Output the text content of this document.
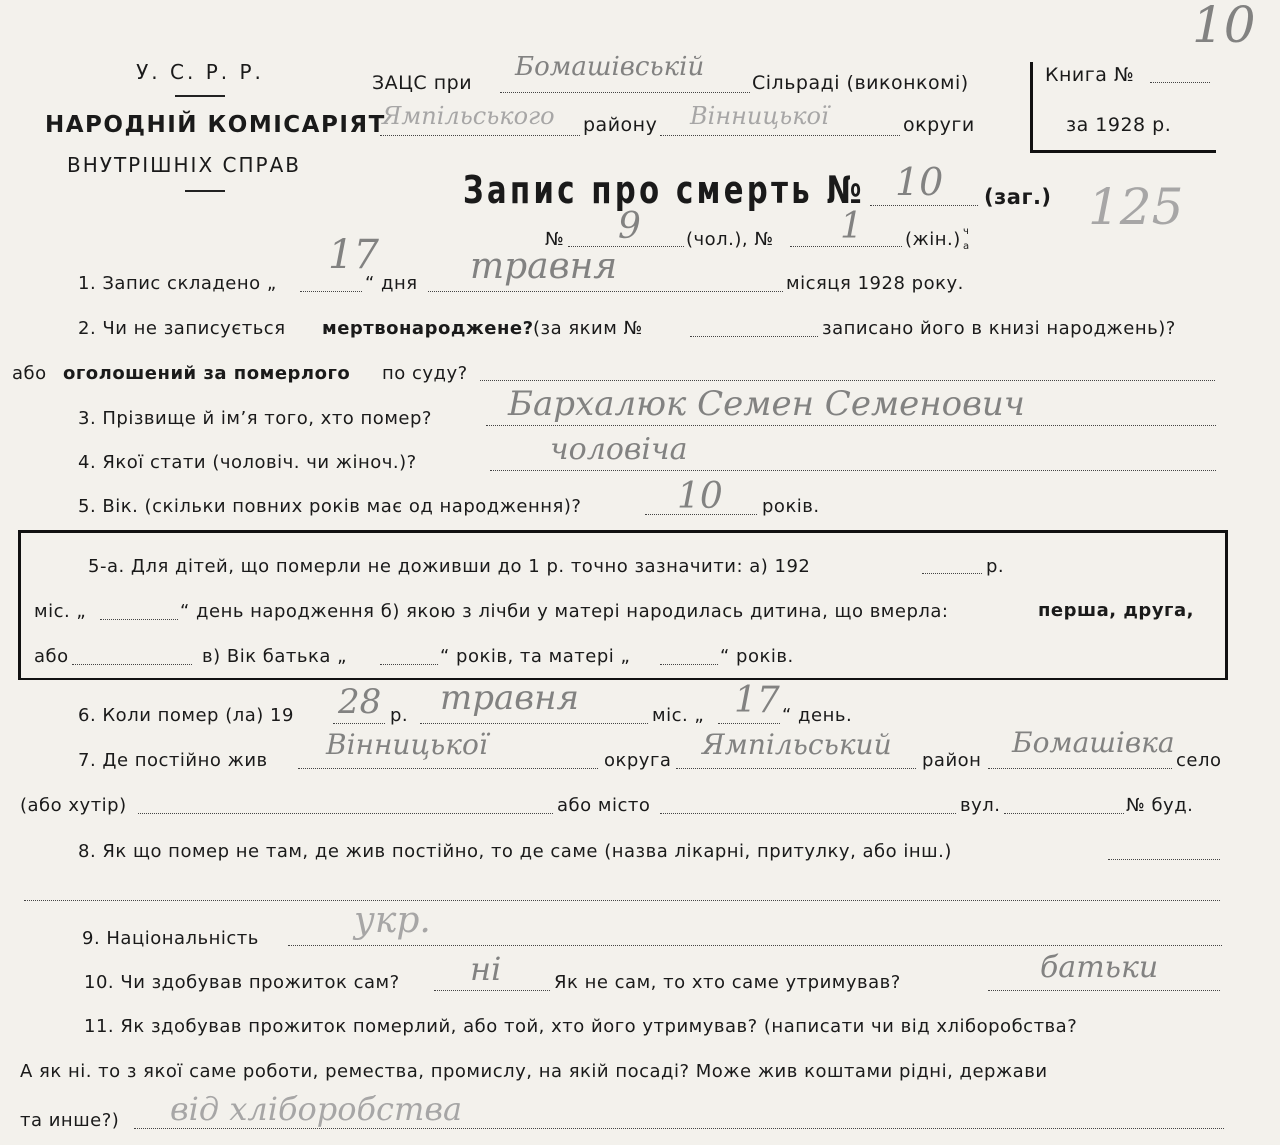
У. С. Р. Р.
НАРОДНІЙ КОМІСАРІЯТ
ВНУТРІШНІХ СПРАВ
ЗАЦС при
Бомашівській
Сільраді (виконкомі)
Ямпільського району Вінницької	округи
Книга №
за 1928 р.
10
125
Запис про смерть № 10 (заг.)
№ 9	(чол.), № 1 (жін.) ч
а
1. Запис складено „
17
“ дня травня	місяця 1928 року.
2. Чи не записується мертвонароджене? (за яким №	записано його в книзі народжень)?
або оголошений за померлого по суду?
3. Прізвище й ім’я того, хто помер? Бархалюк Семен Семенович
4. Якої стати (чоловіч. чи жіноч.)?	чоловіча
5. Вік. (скільки повних років має од народження)?	10 років.
5-а. Для дітей, що померли не доживши до 1 р. точно зазначити: а) 192	р.
міс. „	“ день народження б) якою з лічби у матері народилась дитина, що вмерла:	перша, друга,
або	в) Вік батька „	“ років, та матері „	“ років.
6. Коли помер (ла) 19 28 р. травня	міс. „ 17 “ день.
7. Де постійно жив Вінницької	округа Ямпільський район
Бомашівка
село
(або хутір)	або місто	вул.	№ буд.
8. Як що помер не там, де жив постійно, то де саме (назва лікарні, притулку, або інш.)
9. Національність	укр.
10. Чи здобував прожиток сам? ні	Як не сам, то хто саме утримував?	батьки
11. Як здобував прожиток померлий, або той, хто його утримував? (написати чи від хліборобства?
А як ні. то з якої саме роботи, ремества, промислу, на якій посаді? Може жив коштами рідні, держави
та инше?) від хліборобства
